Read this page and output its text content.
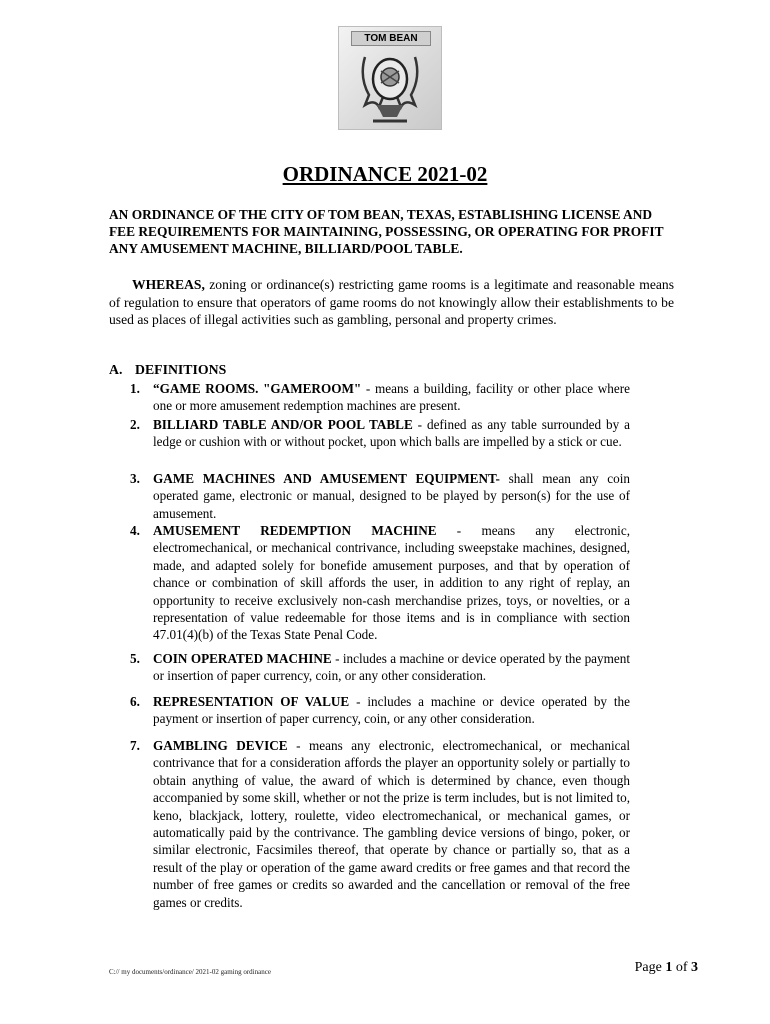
TOM BEAN
ORDINANCE 2021-02

AN ORDINANCE OF THE CITY OF TOM BEAN, TEXAS, ESTABLISHING LICENSE AND FEE REQUIREMENTS FOR MAINTAINING, POSSESSING, OR OPERATING FOR PROFIT ANY AMUSEMENT MACHINE, BILLIARD/POOL TABLE.

WHEREAS, zoning or ordinance(s) restricting game rooms is a legitimate and reasonable means of regulation to ensure that operators of game rooms do not knowingly allow their establishments to be used as places of illegal activities such as gambling, personal and property crimes.

A. DEFINITIONS
1. “GAME ROOMS. "GAMEROOM" - means a building, facility or other place where one or more amusement redemption machines are present.
2. BILLIARD TABLE AND/OR POOL TABLE - defined as any table surrounded by a ledge or cushion with or without pocket, upon which balls are impelled by a stick or cue.
3. GAME MACHINES AND AMUSEMENT EQUIPMENT- shall mean any coin operated game, electronic or manual, designed to be played by person(s) for the use of amusement.
4. AMUSEMENT REDEMPTION MACHINE - means any electronic, electromechanical, or mechanical contrivance, including sweepstake machines, designed, made, and adapted solely for bonefide amusement purposes, and that by operation of chance or combination of skill affords the user, in addition to any right of replay, an opportunity to receive exclusively non-cash merchandise prizes, toys, or novelties, or a representation of value redeemable for those items and is in compliance with section 47.01(4)(b) of the Texas State Penal Code.
5. COIN OPERATED MACHINE - includes a machine or device operated by the payment or insertion of paper currency, coin, or any other consideration.
6. REPRESENTATION OF VALUE - includes a machine or device operated by the payment or insertion of paper currency, coin, or any other consideration.
7. GAMBLING DEVICE - means any electronic, electromechanical, or mechanical contrivance that for a consideration affords the player an opportunity solely or partially to obtain anything of value, the award of which is determined by chance, even though accompanied by some skill, whether or not the prize is term includes, but is not limited to, keno, blackjack, lottery, roulette, video electromechanical, or mechanical games, or automatically paid by the contrivance. The gambling device versions of bingo, poker, or similar electronic, Facsimiles thereof, that operate by chance or partially so, that as a result of the play or operation of the game award credits or free games and that record the number of free games or credits so awarded and the cancellation or removal of the free games or credits.
C:// my documents/ordinance/ 2021-02 gaming ordinance	Page 1 of 3
